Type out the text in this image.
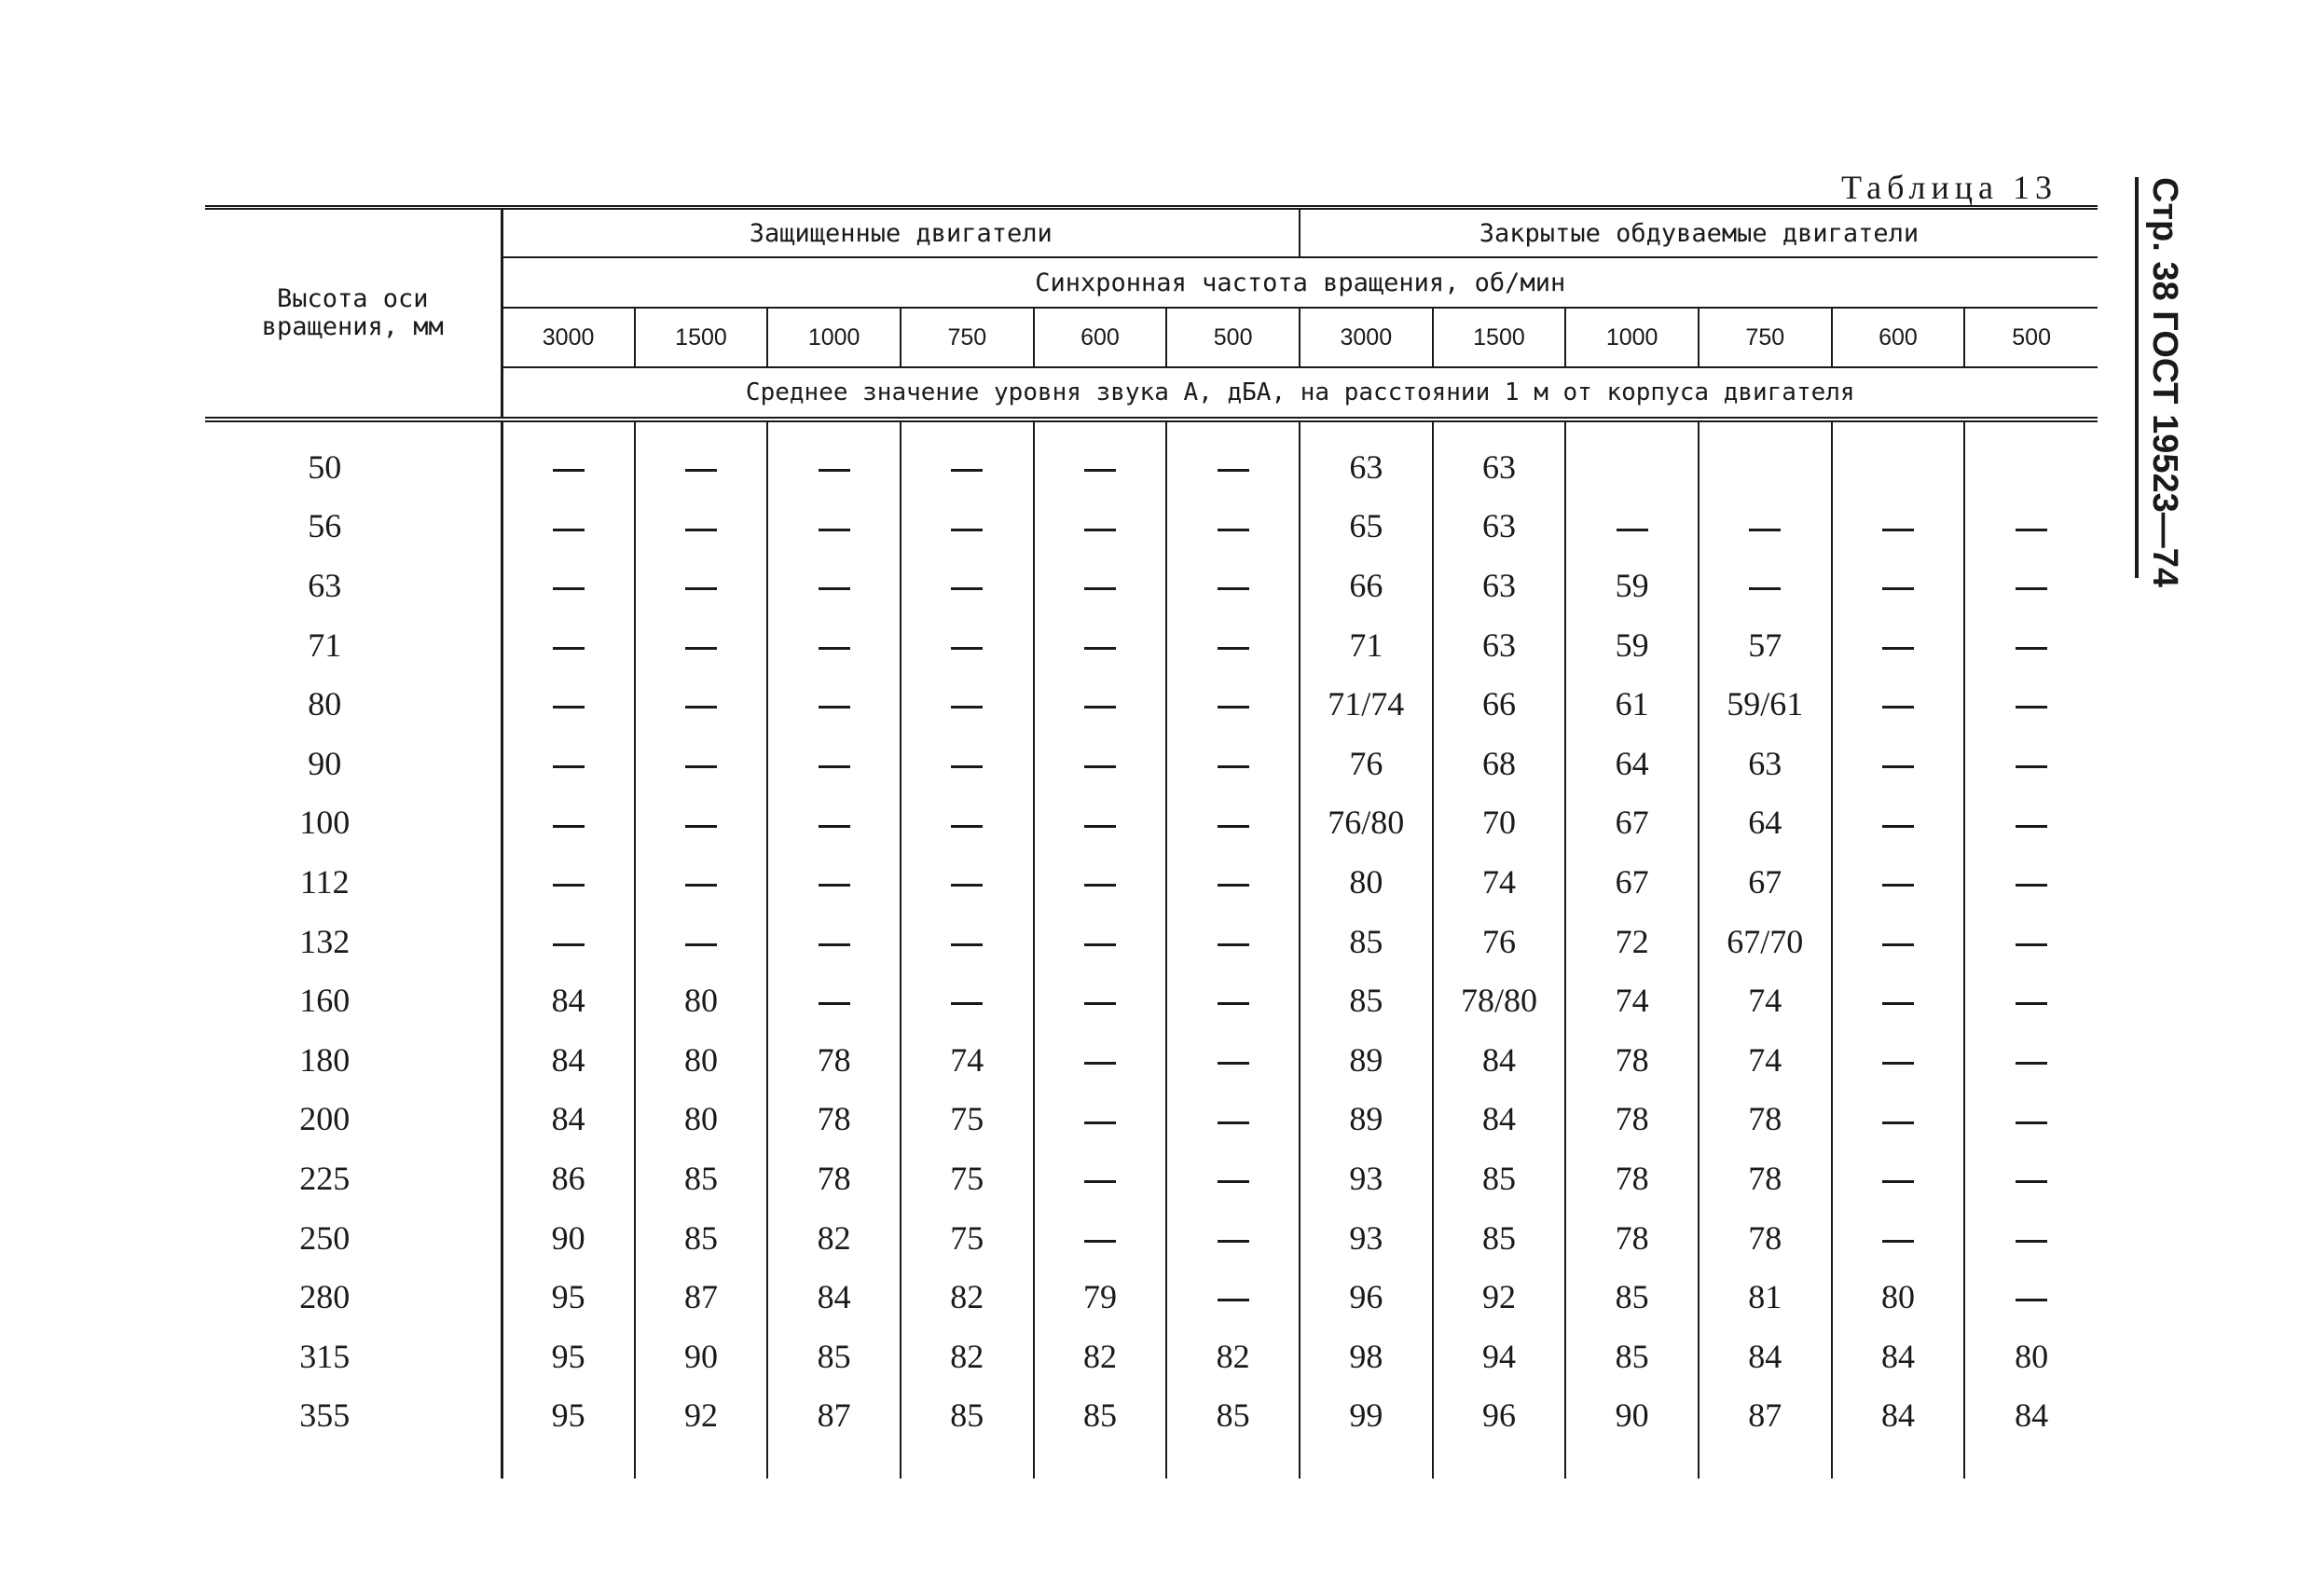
Таблица 13 Стр. 38 ГОСТ 19523—74
Высота оси вращения, мм	Защищенные двигатели						Закрытые обдуваемые двигатели					
	Синхронная частота вращения, об/мин											
	3000	1500	1000	750	600	500	3000	1500	1000	750	600	500
	Среднее значение уровня звука А, дБА, на расстоянии 1 м от корпуса двигателя											
50							63	63				
56							65	63				
63							66	63	59			
71							71	63	59	57		
80							71/74	66	61	59/61		
90							76	68	64	63		
100							76/80	70	67	64		
112							80	74	67	67		
132							85	76	72	67/70		
160	84	80					85	78/80	74	74		
180	84	80	78	74			89	84	78	74		
200	84	80	78	75			89	84	78	78		
225	86	85	78	75			93	85	78	78		
250	90	85	82	75			93	85	78	78		
280	95	87	84	82	79		96	92	85	81	80	
315	95	90	85	82	82	82	98	94	85	84	84	80
355	95	92	87	85	85	85	99	96	90	87	84	84
